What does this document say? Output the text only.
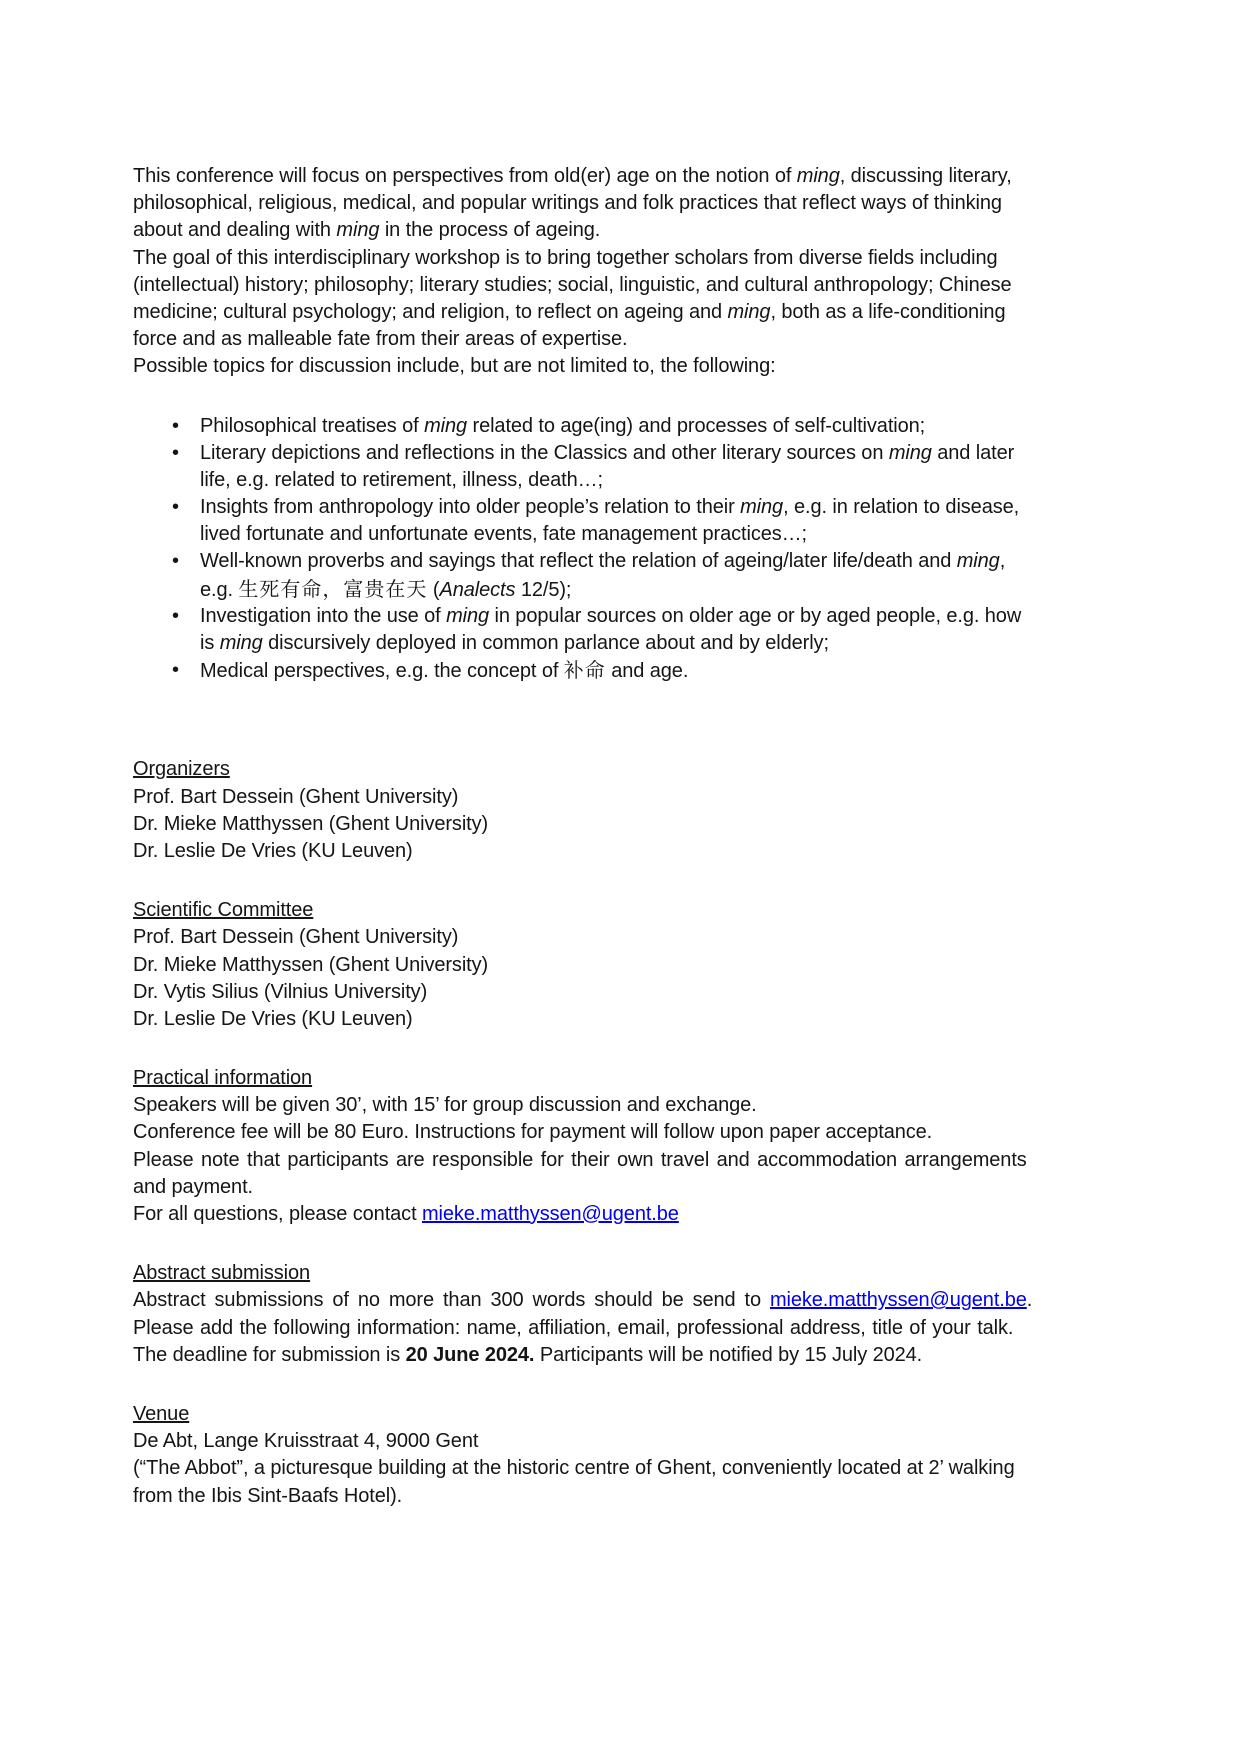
This conference will focus on perspectives from old(er) age on the notion of ming, discussing literary,
philosophical, religious, medical, and popular writings and folk practices that reflect ways of thinking
about and dealing with ming in the process of ageing.
The goal of this interdisciplinary workshop is to bring together scholars from diverse fields including
(intellectual) history; philosophy; literary studies; social, linguistic, and cultural anthropology; Chinese
medicine; cultural psychology; and religion, to reflect on ageing and ming, both as a life-conditioning
force and as malleable fate from their areas of expertise.
Possible topics for discussion include, but are not limited to, the following:
•
Philosophical treatises of ming related to age(ing) and processes of self-cultivation;
•
Literary depictions and reflections in the Classics and other literary sources on ming and later
life, e.g. related to retirement, illness, death…;
•
Insights from anthropology into older people’s relation to their ming, e.g. in relation to disease,
lived fortunate and unfortunate events, fate management practices…;
•
Well-known proverbs and sayings that reflect the relation of ageing/later life/death and ming,
e.g. 生死有命，富贵在天 (Analects 12/5);
•
Investigation into the use of ming in popular sources on older age or by aged people, e.g. how
is ming discursively deployed in common parlance about and by elderly;
•
Medical perspectives, e.g. the concept of 补命 and age.
Organizers
Prof. Bart Dessein (Ghent University)
Dr. Mieke Matthyssen (Ghent University)
Dr. Leslie De Vries (KU Leuven)
Scientific Committee
Prof. Bart Dessein (Ghent University)
Dr. Mieke Matthyssen (Ghent University)
Dr. Vytis Silius (Vilnius University)
Dr. Leslie De Vries (KU Leuven)
Practical information
Speakers will be given 30’, with 15’ for group discussion and exchange.
Conference fee will be 80 Euro. Instructions for payment will follow upon paper acceptance.
Please note that participants are responsible for their own travel and accommodation arrangements
and payment.
For all questions, please contact mieke.matthyssen@ugent.be
Abstract submission
Abstract submissions of no more than 300 words should be send to mieke.matthyssen@ugent.be.
Please add the following information: name, affiliation, email, professional address, title of your talk.
The deadline for submission is 20 June 2024. Participants will be notified by 15 July 2024.
Venue
De Abt, Lange Kruisstraat 4, 9000 Gent
(“The Abbot”, a picturesque building at the historic centre of Ghent, conveniently located at 2’ walking
from the Ibis Sint-Baafs Hotel).
